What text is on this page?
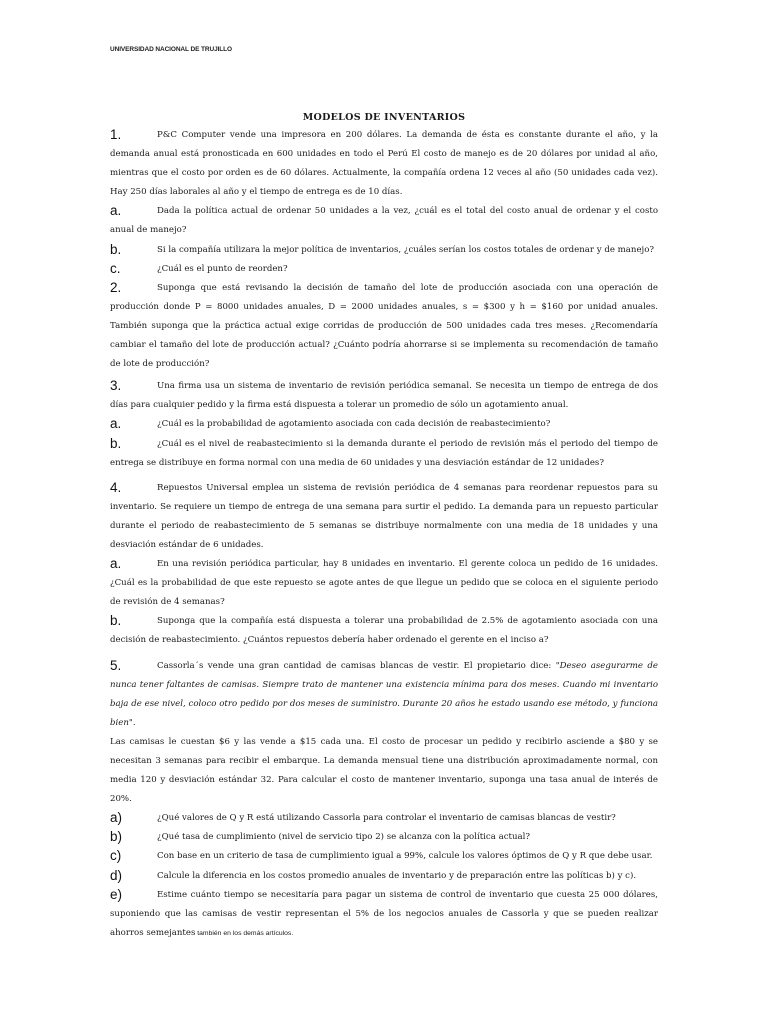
UNIVERSIDAD NACIONAL DE TRUJILLO
MODELOS DE INVENTARIOS
1.	P&C Computer vende una impresora en 200 dólares. La demanda de ésta es constante durante el año, y la demanda anual está pronosticada en 600 unidades en todo el Perú El costo de manejo es de 20 dólares por unidad al año, mientras que el costo por orden es de 60 dólares. Actualmente, la compañía ordena 12 veces al año (50 unidades cada vez). Hay 250 días laborales al año y el tiempo de entrega es de 10 días.
a.	Dada la política actual de ordenar 50 unidades a la vez, ¿cuál es el total del costo anual de ordenar y el costo anual de manejo?
b.	Si la compañía utilizara la mejor política de inventarios, ¿cuáles serían los costos totales de ordenar y de manejo?
c.	¿Cuál es el punto de reorden?
2.	Suponga que está revisando la decisión de tamaño del lote de producción asociada con una operación de producción donde P = 8000 unidades anuales, D = 2000 unidades anuales, s = $300 y h = $160 por unidad anuales. También suponga que la práctica actual exige corridas de producción de 500 unidades cada tres meses. ¿Recomendaría cambiar el tamaño del lote de producción actual? ¿Cuánto podría ahorrarse si se implementa su recomendación de tamaño de lote de producción?
3.	Una firma usa un sistema de inventario de revisión periódica semanal. Se necesita un tiempo de entrega de dos días para cualquier pedido y la firma está dispuesta a tolerar un promedio de sólo un agotamiento anual.
a.	¿Cuál es la probabilidad de agotamiento asociada con cada decisión de reabastecimiento?
b.	¿Cuál es el nivel de reabastecimiento si la demanda durante el periodo de revisión más el periodo del tiempo de entrega se distribuye en forma normal con una media de 60 unidades y una desviación estándar de 12 unidades?
4.	Repuestos Universal emplea un sistema de revisión periódica de 4 semanas para reordenar repuestos para su inventario. Se requiere un tiempo de entrega de una semana para surtir el pedido. La demanda para un repuesto particular durante el periodo de reabastecimiento de 5 semanas se distribuye normalmente con una media de 18 unidades y una desviación estándar de 6 unidades.
a.	En una revisión periódica particular, hay 8 unidades en inventario. El gerente coloca un pedido de 16 unidades. ¿Cuál es la probabilidad de que este repuesto se agote antes de que llegue un pedido que se coloca en el siguiente periodo de revisión de 4 semanas?
b.	Suponga que la compañía está dispuesta a tolerar una probabilidad de 2.5% de agotamiento asociada con una decisión de reabastecimiento. ¿Cuántos repuestos debería haber ordenado el gerente en el inciso a?
5.	Cassorla´s vende una gran cantidad de camisas blancas de vestir. El propietario dice: "Deseo asegurarme de nunca tener faltantes de camisas. Siempre trato de mantener una existencia mínima para dos meses. Cuando mi inventario baja de ese nivel, coloco otro pedido por dos meses de suministro. Durante 20 años he estado usando ese método, y funciona bien".
Las camisas le cuestan $6 y las vende a $15 cada una. El costo de procesar un pedido y recibirlo asciende a $80 y se necesitan 3 semanas para recibir el embarque. La demanda mensual tiene una distribución aproximadamente normal, con media 120 y desviación estándar 32. Para calcular el costo de mantener inventario, suponga una tasa anual de interés de 20%.
a)	¿Qué valores de Q y R está utilizando Cassorla para controlar el inventario de camisas blancas de vestir?
b)	¿Qué tasa de cumplimiento (nivel de servicio tipo 2) se alcanza con la política actual?
c)	Con base en un criterio de tasa de cumplimiento igual a 99%, calcule los valores óptimos de Q y R que debe usar.
d)	Calcule la diferencia en los costos promedio anuales de inventario y de preparación entre las políticas b) y c).
e)	Estime cuánto tiempo se necesitaría para pagar un sistema de control de inventario que cuesta 25 000 dólares, suponiendo que las camisas de vestir representan el 5% de los negocios anuales de Cassorla y que se pueden realizar ahorros semejantes también en los demás artículos.
